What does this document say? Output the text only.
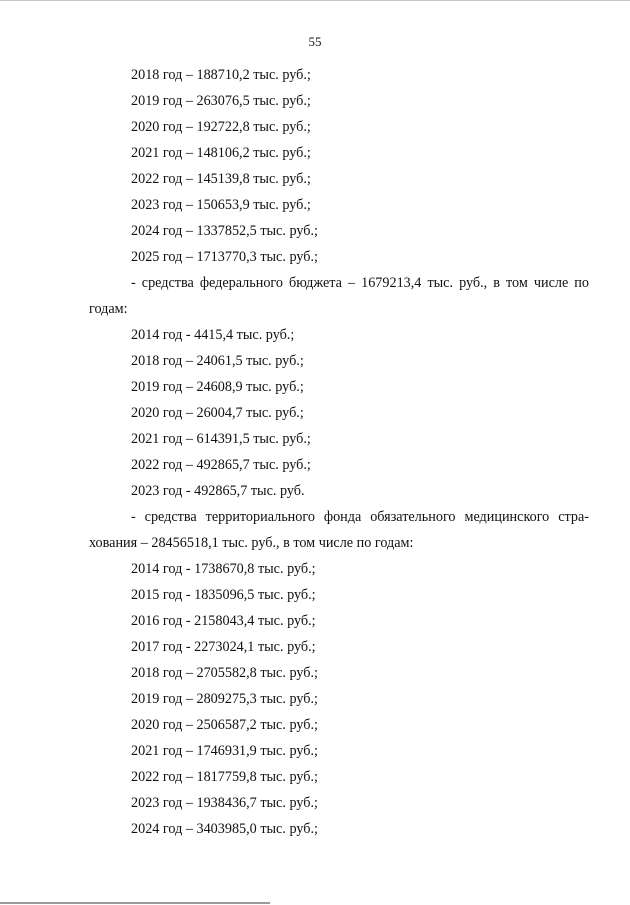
55
2018 год – 188710,2 тыс. руб.;
2019 год – 263076,5 тыс. руб.;
2020 год – 192722,8 тыс. руб.;
2021 год – 148106,2 тыс. руб.;
2022 год – 145139,8 тыс. руб.;
2023 год – 150653,9 тыс. руб.;
2024 год – 1337852,5 тыс. руб.;
2025 год – 1713770,3 тыс. руб.;
- средства федерального бюджета – 1679213,4 тыс. руб., в том числе по
годам:
2014 год - 4415,4 тыс. руб.;
2018 год – 24061,5 тыс. руб.;
2019 год – 24608,9 тыс. руб.;
2020 год – 26004,7 тыс. руб.;
2021 год – 614391,5 тыс. руб.;
2022 год – 492865,7 тыс. руб.;
2023 год - 492865,7 тыс. руб.
- средства территориального фонда обязательного медицинского стра-
хования – 28456518,1 тыс. руб., в том числе по годам:
2014 год - 1738670,8 тыс. руб.;
2015 год - 1835096,5 тыс. руб.;
2016 год - 2158043,4 тыс. руб.;
2017 год - 2273024,1 тыс. руб.;
2018 год – 2705582,8 тыс. руб.;
2019 год – 2809275,3 тыс. руб.;
2020 год – 2506587,2 тыс. руб.;
2021 год – 1746931,9 тыс. руб.;
2022 год – 1817759,8 тыс. руб.;
2023 год – 1938436,7 тыс. руб.;
2024 год – 3403985,0 тыс. руб.;
